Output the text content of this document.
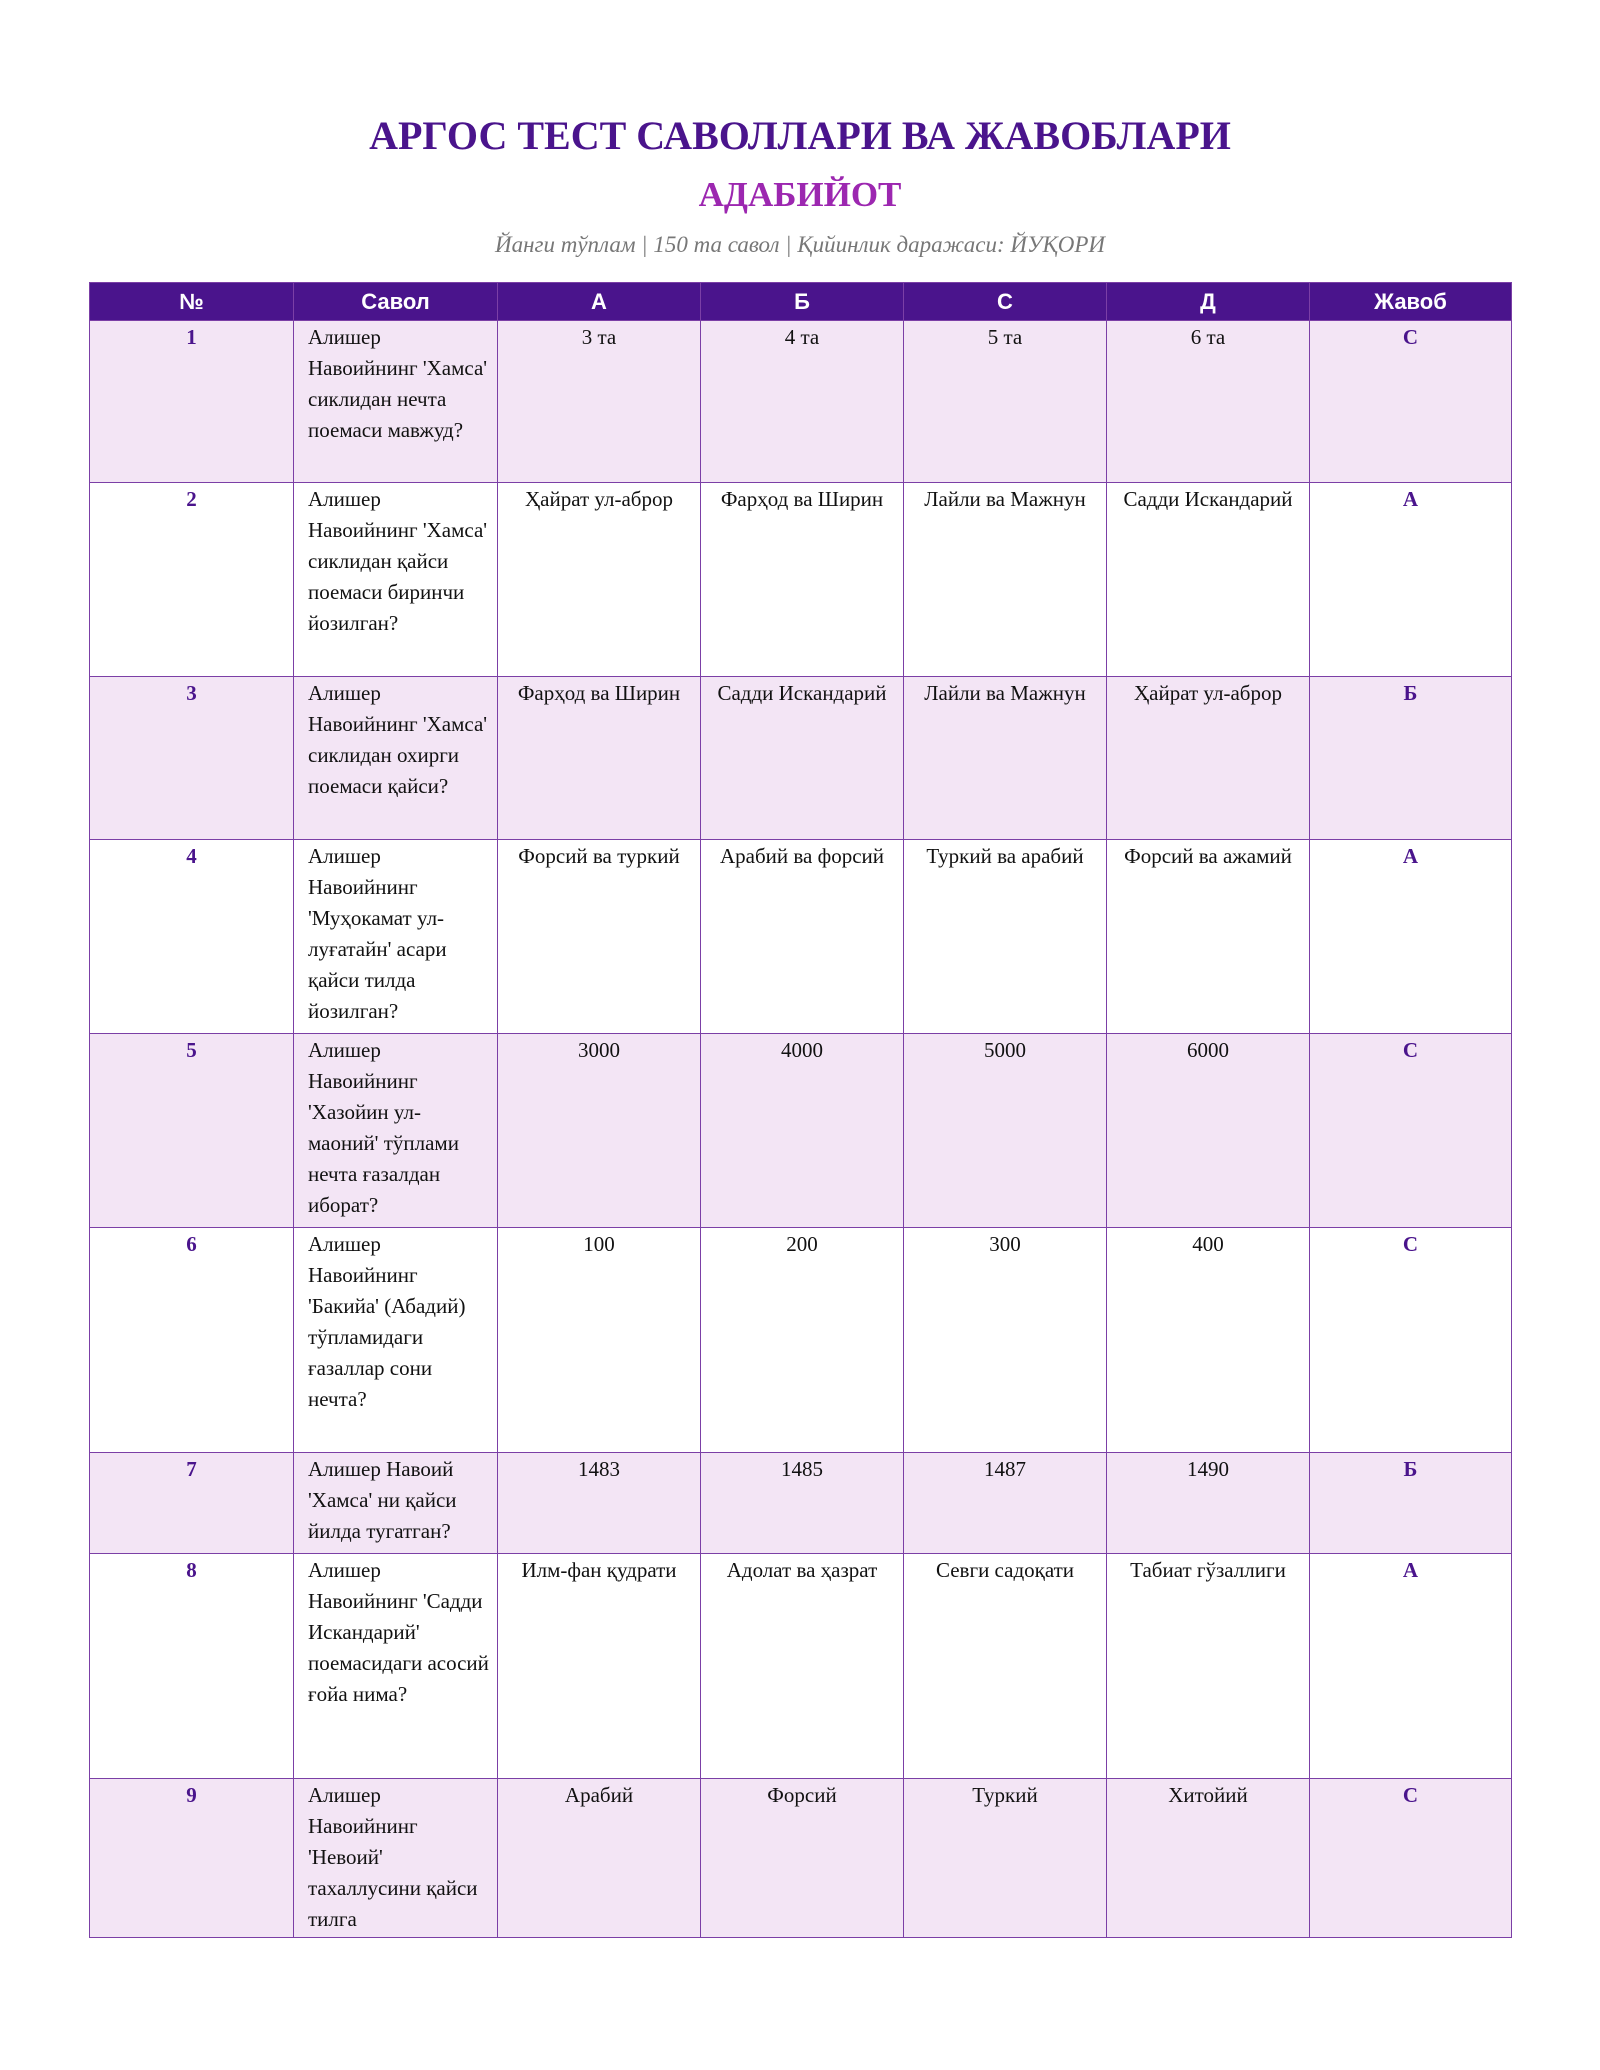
АРГОС ТЕСТ САВОЛЛАРИ ВА ЖАВОБЛАРИ
АДАБИЙОТ
Йанги тўплам | 150 та савол | Қийинлик даражаси: ЙУҚОРИ
№	Савол	А	Б	С	Д	Жавоб
1	Алишер Навоийнинг 'Хамса' сиклидан нечта поемаси мавжуд?	3 та	4 та	5 та	6 та	С
2	Алишер Навоийнинг 'Хамса' сиклидан қайси поемаси биринчи йозилган?	Ҳайрат ул-аброр	Фарҳод ва Ширин	Лайли ва Мажнун	Садди Искандарий	А
3	Алишер Навоийнинг 'Хамса' сиклидан охирги поемаси қайси?	Фарҳод ва Ширин	Садди Искандарий	Лайли ва Мажнун	Ҳайрат ул-аброр	Б
4	Алишер Навоийнинг 'Муҳокамат ул-луғатайн' асари қайси тилда йозилган?	Форсий ва туркий	Арабий ва форсий	Туркий ва арабий	Форсий ва ажамий	А
5	Алишер Навоийнинг 'Хазойин ул-маоний' тўплами нечта ғазалдан иборат?	3000	4000	5000	6000	С
6	Алишер Навоийнинг 'Бакийа' (Абадий) тўпламидаги ғазаллар сони нечта?	100	200	300	400	С
7	Алишер Навоий 'Хамса' ни қайси йилда тугатган?	1483	1485	1487	1490	Б
8	Алишер Навоийнинг 'Садди Искандарий' поемасидаги асосий ғойа нима?	Илм-фан қудрати	Адолат ва ҳазрат	Севги садоқати	Табиат гўзаллиги	А
9	Алишер Навоийнинг 'Невоий' тахаллусини қайси тилга	Арабий	Форсий	Туркий	Хитойий	С
